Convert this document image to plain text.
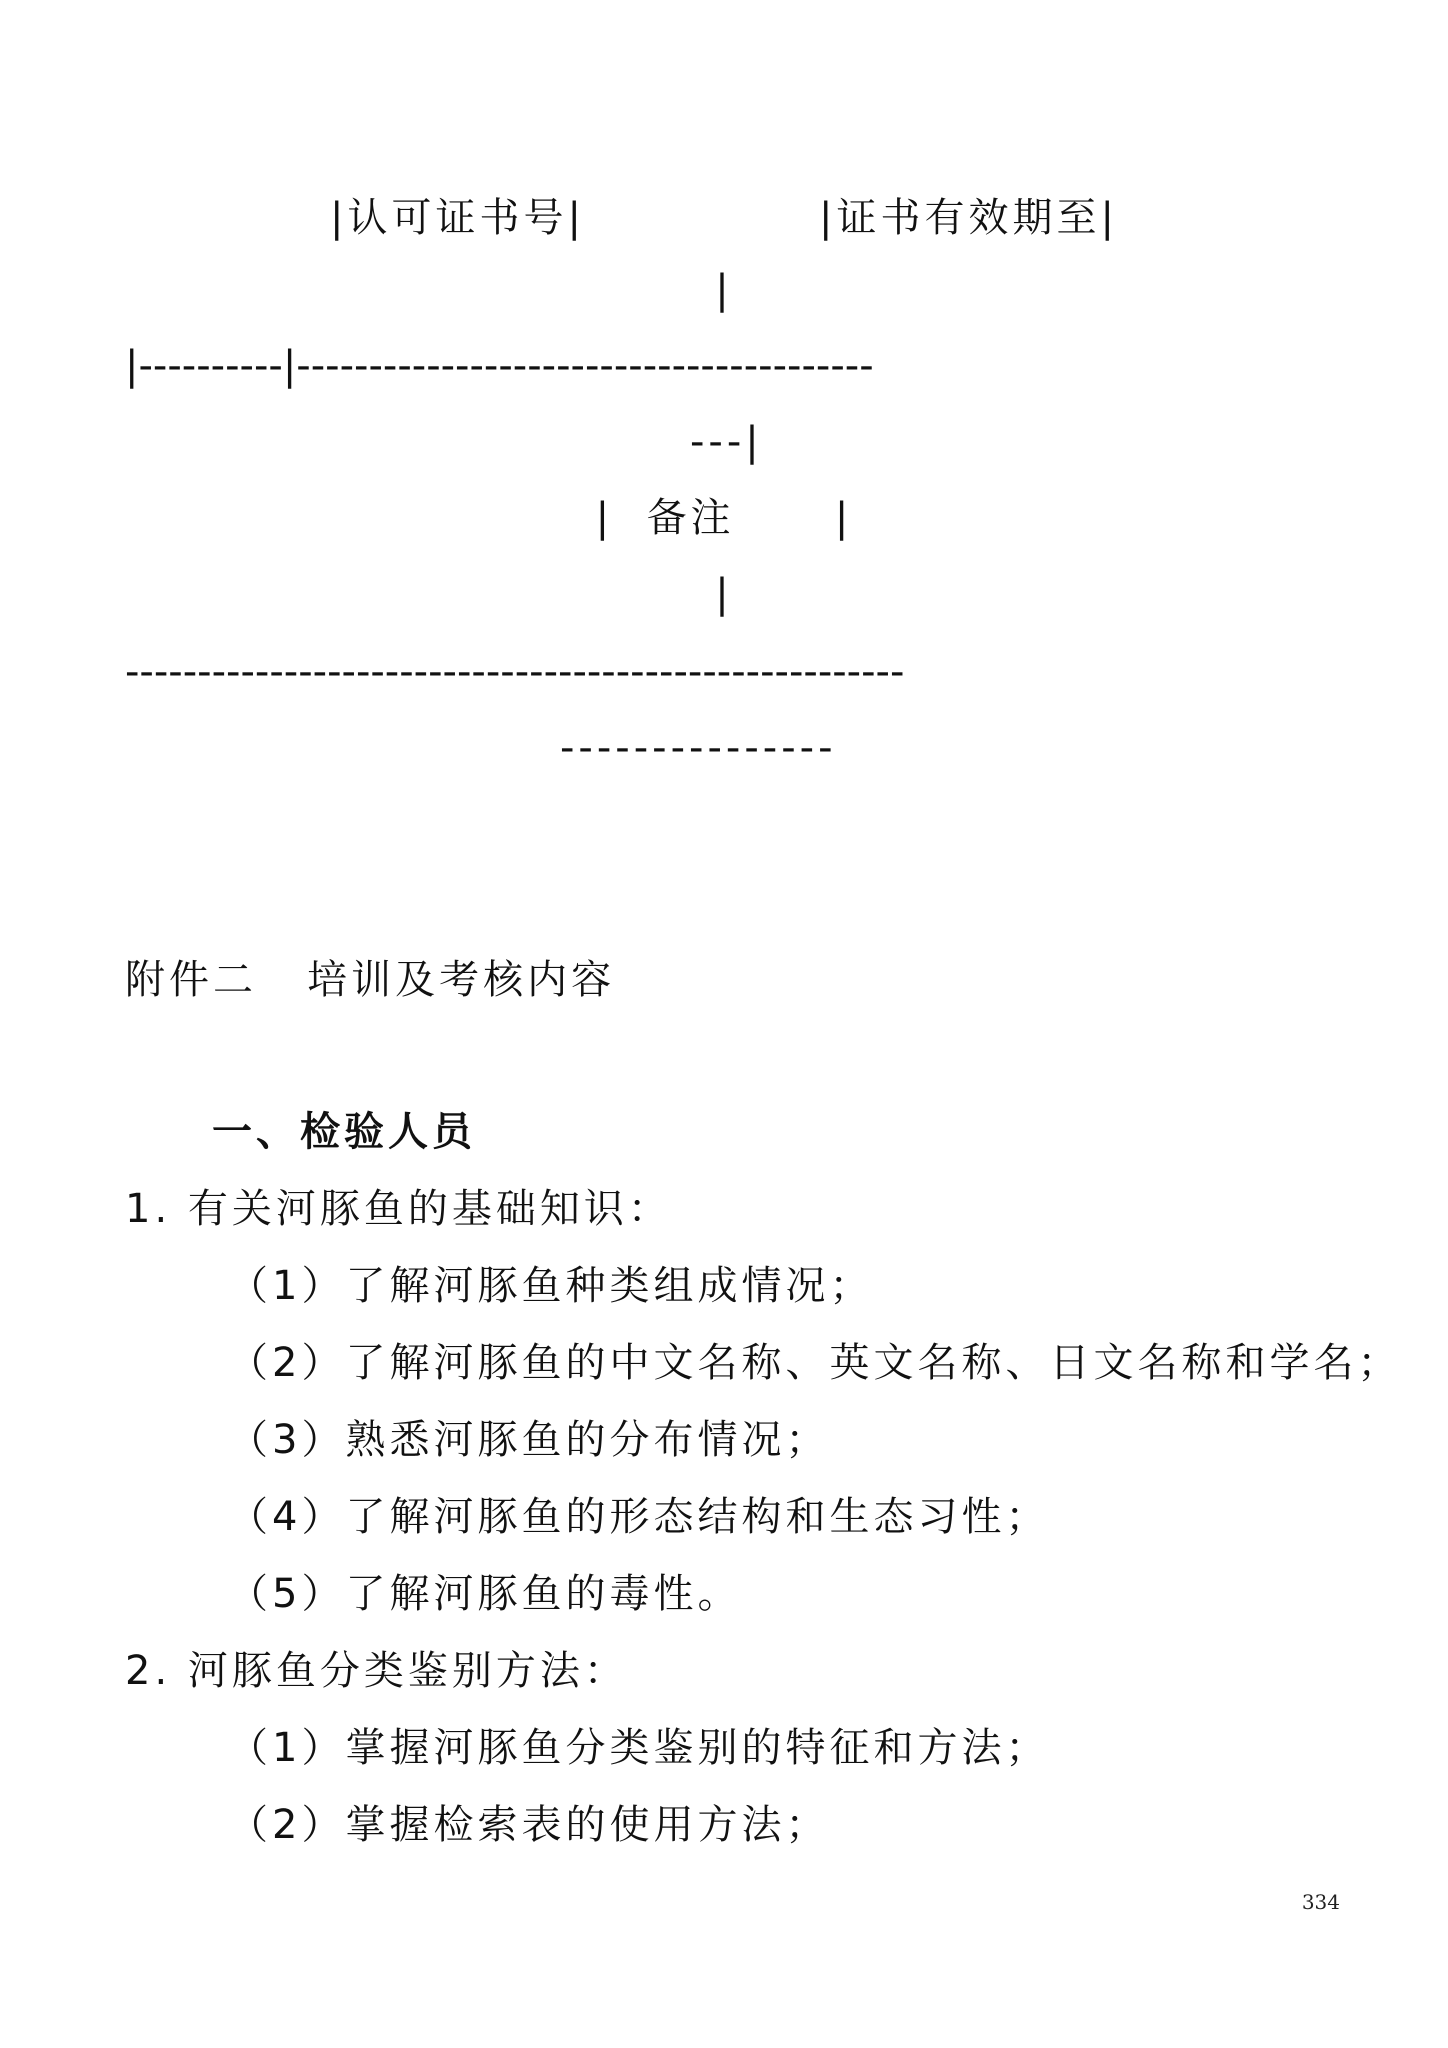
|认可证书号|              |证书有效期至|
|
|----------|----------------------------------------
---|
|  备注      |
|
------------------------------------------------------
---------------
附件二   培训及考核内容
一、检验人员
1. 有关河豚鱼的基础知识：
（1）了解河豚鱼种类组成情况；
（2）了解河豚鱼的中文名称、英文名称、日文名称和学名；
（3）熟悉河豚鱼的分布情况；
（4）了解河豚鱼的形态结构和生态习性；
（5）了解河豚鱼的毒性。
2. 河豚鱼分类鉴别方法：
（1）掌握河豚鱼分类鉴别的特征和方法；
（2）掌握检索表的使用方法；
334
